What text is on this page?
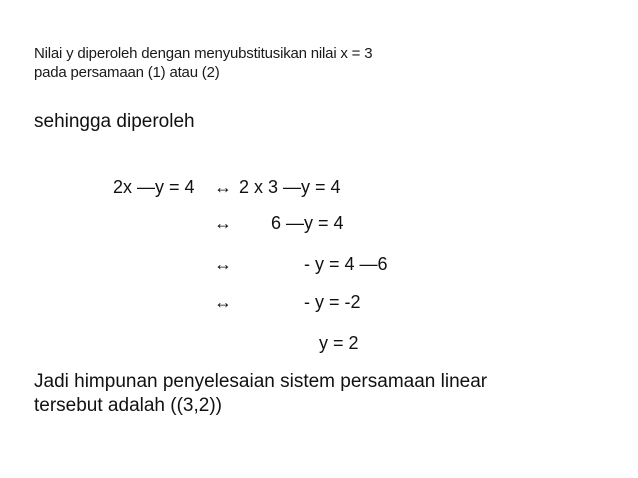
Nilai y diperoleh dengan menyubstitusikan nilai x = 3
pada persamaan (1) atau (2)
sehingga diperoleh
2x —y = 4 ↔ 2 x 3 —y = 4
↔ 6 —y = 4
↔	- y = 4 —6
↔	- y = -2
y = 2
Jadi himpunan penyelesaian sistem persamaan linear
tersebut adalah ((3,2))
